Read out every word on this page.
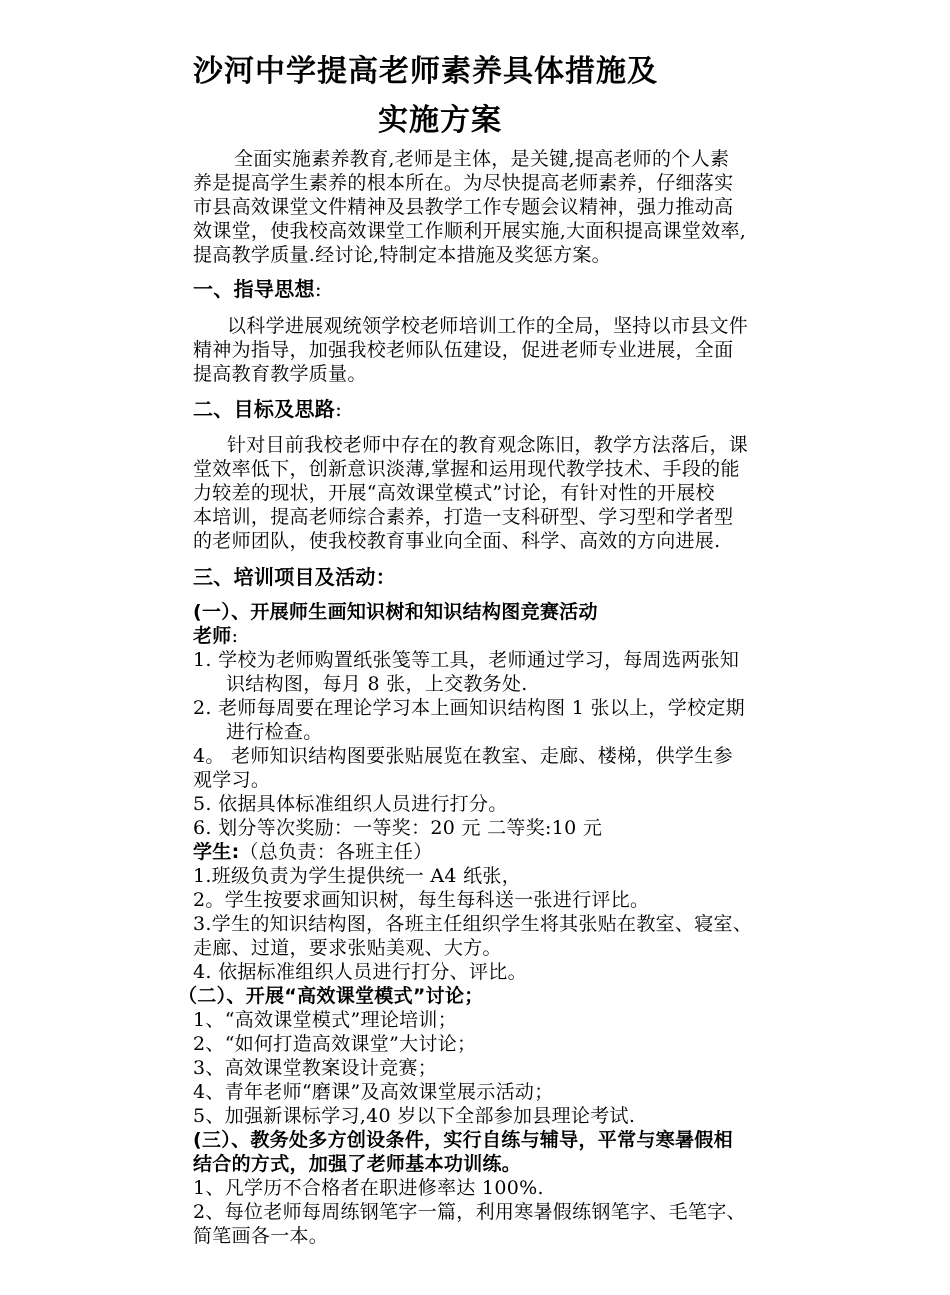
沙河中学提高老师素养具体措施及
实施方案
全面实施素养教育,老师是主体，是关键,提高老师的个人素
养是提高学生素养的根本所在。为尽快提高老师素养，仔细落实
市县高效课堂文件精神及县教学工作专题会议精神，强力推动高
效课堂，使我校高效课堂工作顺利开展实施,大面积提高课堂效率,
提高教学质量.经讨论,特制定本措施及奖惩方案。
一、指导思想:
以科学进展观统领学校老师培训工作的全局，坚持以市县文件
精神为指导，加强我校老师队伍建设，促进老师专业进展，全面
提高教育教学质量。
二、目标及思路:
针对目前我校老师中存在的教育观念陈旧，教学方法落后，课
堂效率低下，创新意识淡薄,掌握和运用现代教学技术、手段的能
力较差的现状，开展“高效课堂模式”讨论，有针对性的开展校
本培训，提高老师综合素养，打造一支科研型、学习型和学者型
的老师团队，使我校教育事业向全面、科学、高效的方向进展.
三、培训项目及活动：
(一）、开展师生画知识树和知识结构图竞赛活动
老师:
1. 学校为老师购置纸张笺等工具，老师通过学习，每周选两张知
识结构图，每月 8 张，上交教务处.
2. 老师每周要在理论学习本上画知识结构图 1 张以上，学校定期
进行检查。
4。 老师知识结构图要张贴展览在教室、走廊、楼梯，供学生参
观学习。
5. 依据具体标准组织人员进行打分。
6. 划分等次奖励：一等奖：20 元 二等奖:10 元
学生:（总负责：各班主任）
1.班级负责为学生提供统一 A4 纸张，
2。学生按要求画知识树，每生每科送一张进行评比。
3.学生的知识结构图，各班主任组织学生将其张贴在教室、寝室、
走廊、过道，要求张贴美观、大方。
4. 依据标准组织人员进行打分、评比。
（二）、开展“高效课堂模式”讨论；
1、“高效课堂模式”理论培训；
2、“如何打造高效课堂”大讨论；
3、高效课堂教案设计竞赛；
4、青年老师“磨课”及高效课堂展示活动；
5、加强新课标学习,40 岁以下全部参加县理论考试.
(三）、教务处多方创设条件，实行自练与辅导，平常与寒暑假相
结合的方式，加强了老师基本功训练。
1、凡学历不合格者在职进修率达 100%.
2、每位老师每周练钢笔字一篇，利用寒暑假练钢笔字、毛笔字、
简笔画各一本。
